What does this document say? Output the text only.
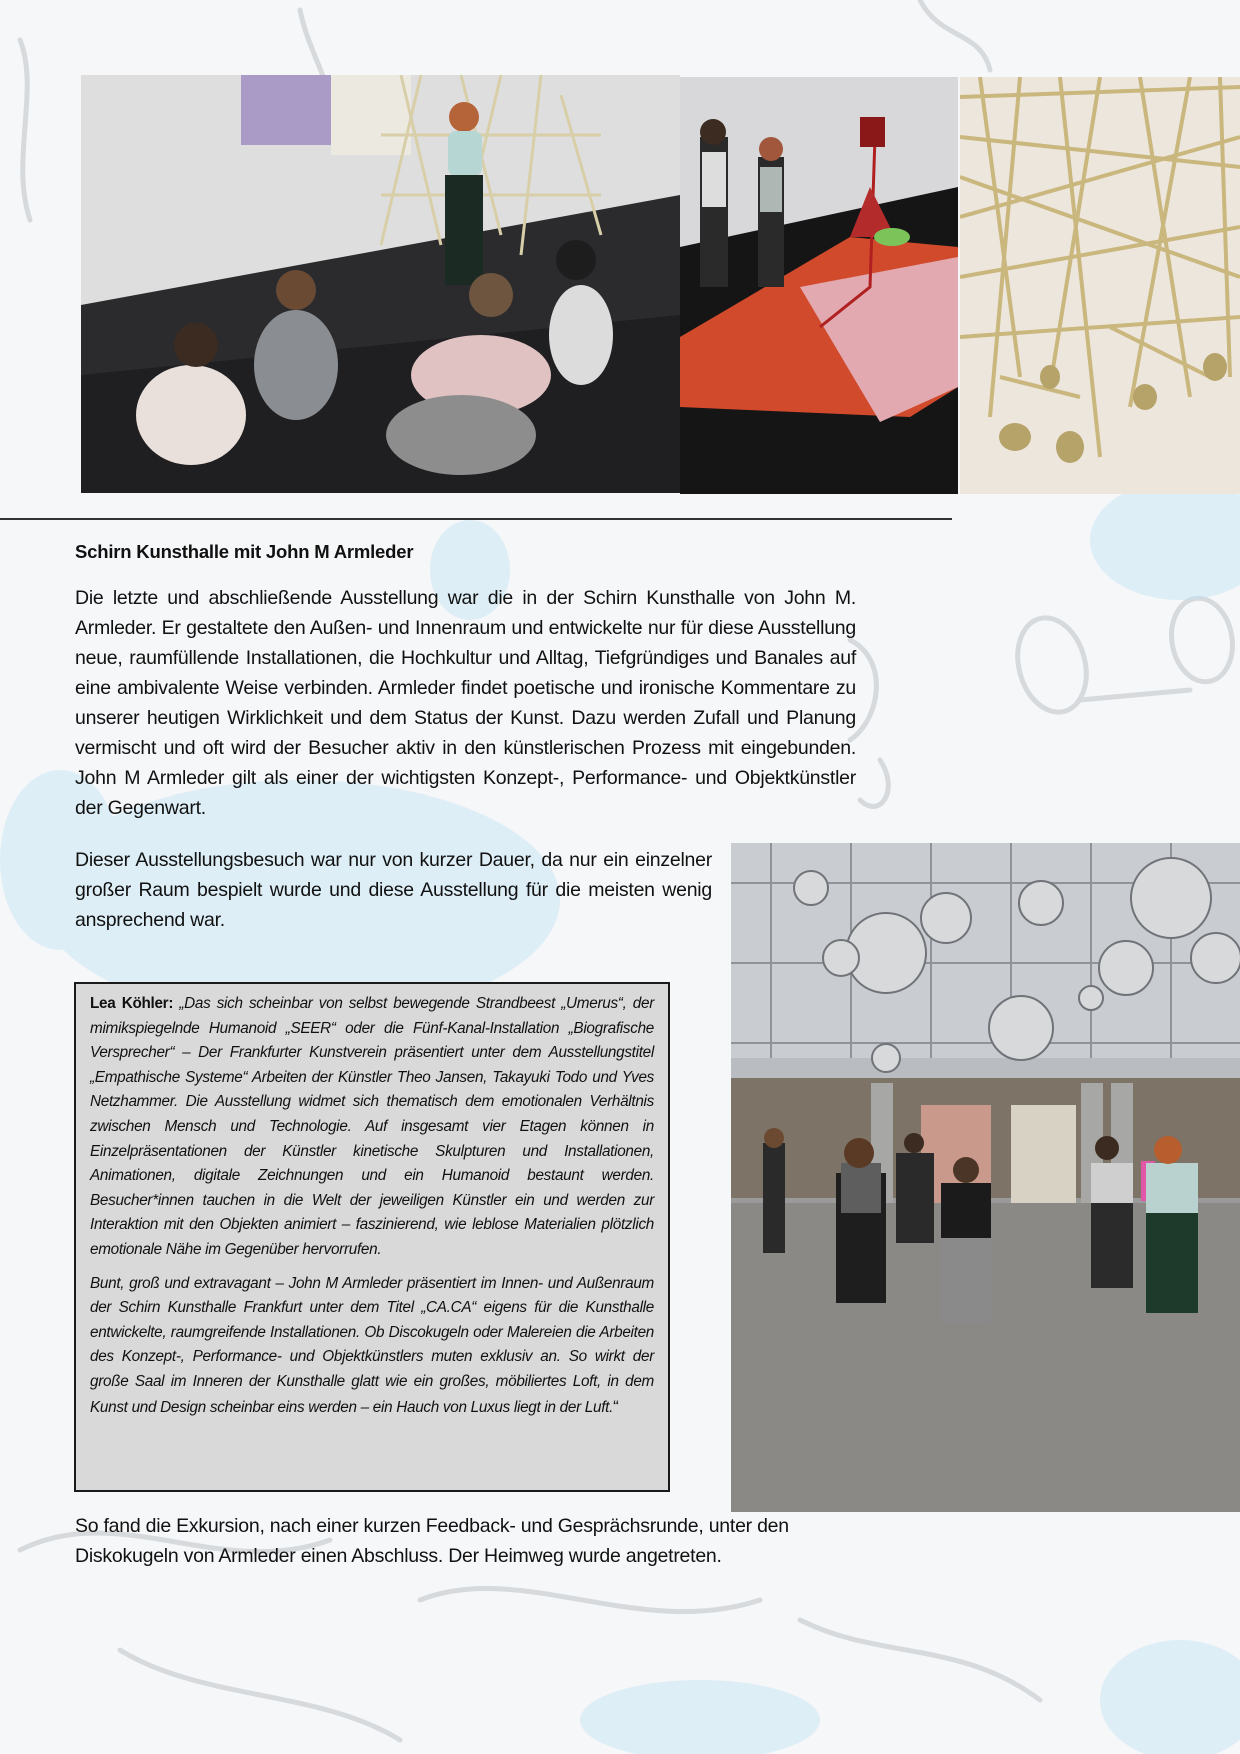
Schirn Kunsthalle mit John M Armleder

Die letzte und abschließende Ausstellung war die in der Schirn Kunsthalle von John M. Armleder. Er gestaltete den Außen- und Innenraum und entwickelte nur für diese Ausstellung neue, raumfüllende Installationen, die Hochkultur und Alltag, Tiefgründiges und Banales auf eine ambivalente Weise verbinden. Armleder findet poetische und ironische Kommentare zu unserer heutigen Wirklichkeit und dem Status der Kunst. Dazu werden Zufall und Planung vermischt und oft wird der Besucher aktiv in den künstlerischen Prozess mit eingebunden. John M Armleder gilt als einer der wichtigsten Konzept-, Performance- und Objektkünstler der Gegenwart.

Dieser Ausstellungsbesuch war nur von kurzer Dauer, da nur ein einzelner großer Raum bespielt wurde und diese Ausstellung für die meisten wenig ansprechend war.

Lea Köhler: „Das sich scheinbar von selbst bewegende Strandbeest „Umerus“, der mimikspiegelnde Humanoid „SEER“ oder die Fünf-Kanal-Installation „Biografische Versprecher“ – Der Frankfurter Kunstverein präsentiert unter dem Ausstellungstitel „Empathische Systeme“ Arbeiten der Künstler Theo Jansen, Takayuki Todo und Yves Netzhammer. Die Ausstellung widmet sich thematisch dem emotionalen Verhältnis zwischen Mensch und Technologie. Auf insgesamt vier Etagen können in Einzelpräsentationen der Künstler kinetische Skulpturen und Installationen, Animationen, digitale Zeichnungen und ein Humanoid bestaunt werden. Besucher*innen tauchen in die Welt der jeweiligen Künstler ein und werden zur Interaktion mit den Objekten animiert – faszinierend, wie leblose Materialien plötzlich emotionale Nähe im Gegenüber hervorrufen.

Bunt, groß und extravagant – John M Armleder präsentiert im Innen- und Außenraum der Schirn Kunsthalle Frankfurt unter dem Titel „CA.CA“ eigens für die Kunsthalle entwickelte, raumgreifende Installationen. Ob Discokugeln oder Malereien die Arbeiten des Konzept-, Performance- und Objektkünstlers muten exklusiv an. So wirkt der große Saal im Inneren der Kunsthalle glatt wie ein großes, möbiliertes Loft, in dem Kunst und Design scheinbar eins werden – ein Hauch von Luxus liegt in der Luft.“

So fand die Exkursion, nach einer kurzen Feedback- und Gesprächsrunde, unter den Diskokugeln von Armleder einen Abschluss. Der Heimweg wurde angetreten.
